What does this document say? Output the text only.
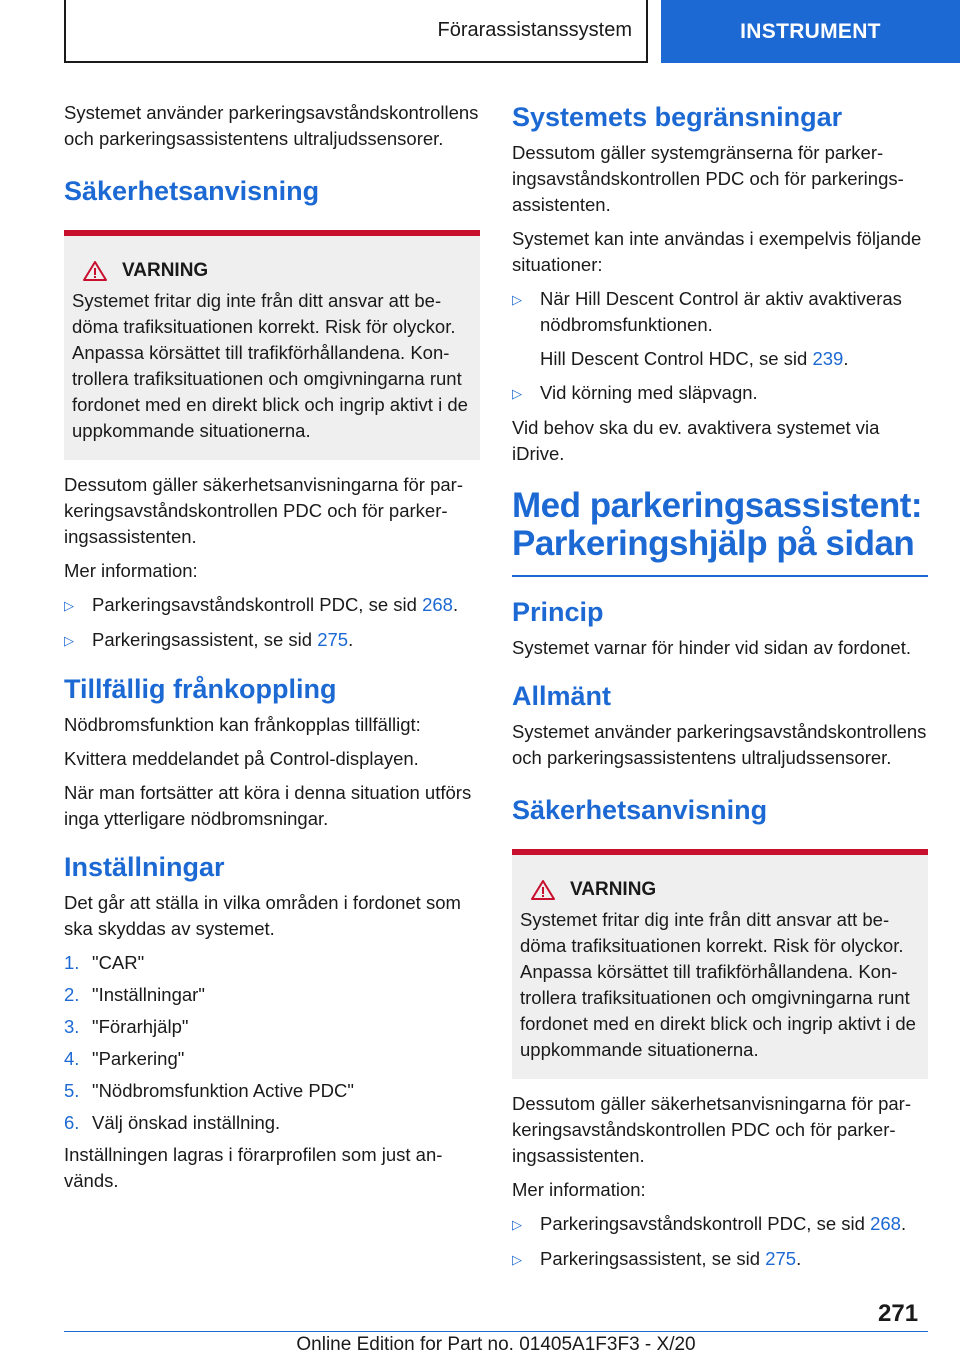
Förarassistanssystem	INSTRUMENT

Systemet använder parkeringsavståndskontrollens och parkeringsassistentens ultraljudssensorer.

Säkerhetsanvisning
VARNING

Systemet fritar dig inte från ditt ansvar att bedöma trafiksituationen korrekt. Risk för olyckor. Anpassa körsättet till trafikförhållandena. Kontrollera trafiksituationen och omgivningarna runt fordonet med en direkt blick och ingrip aktivt i de uppkommande situationerna.

Dessutom gäller säkerhetsanvisningarna för parkeringsavståndskontrollen PDC och för parkeringsassistenten.

Mer information:

▷ Parkeringsavståndskontroll PDC, se sid 268.
▷ Parkeringsassistent, se sid 275.
Tillfällig frånkoppling

Nödbromsfunktion kan frånkopplas tillfälligt:

Kvittera meddelandet på Control-displayen.

När man fortsätter att köra i denna situation utförs inga ytterligare nödbromsningar.

Inställningar

Det går att ställa in vilka områden i fordonet som ska skyddas av systemet.

1. "CAR"
2. "Inställningar"
3. "Förarhjälp"
4. "Parkering"
5. "Nödbromsfunktion Active PDC"
6. Välj önskad inställning.

Inställningen lagras i förarprofilen som just används.

Systemets begränsningar

Dessutom gäller systemgränserna för parkeringsavståndskontrollen PDC och för parkeringsassistenten.

Systemet kan inte användas i exempelvis följande situationer:

▷ När Hill Descent Control är aktiv avaktiveras nödbromsfunktionen.
Hill Descent Control HDC, se sid 239.
▷ Vid körning med släpvagn.

Vid behov ska du ev. avaktivera systemet via iDrive.

Med parkeringsassistent:
Parkeringshjälp på sidan
Princip

Systemet varnar för hinder vid sidan av fordonet.

Allmänt

Systemet använder parkeringsavståndskontrollens och parkeringsassistentens ultraljudssensorer.

Säkerhetsanvisning
VARNING

Systemet fritar dig inte från ditt ansvar att bedöma trafiksituationen korrekt. Risk för olyckor. Anpassa körsättet till trafikförhållandena. Kontrollera trafiksituationen och omgivningarna runt fordonet med en direkt blick och ingrip aktivt i de uppkommande situationerna.

Dessutom gäller säkerhetsanvisningarna för parkeringsavståndskontrollen PDC och för parkeringsassistenten.

Mer information:

▷ Parkeringsavståndskontroll PDC, se sid 268.
▷ Parkeringsassistent, se sid 275.
271
Online Edition for Part no. 01405A1F3F3 - X/20
